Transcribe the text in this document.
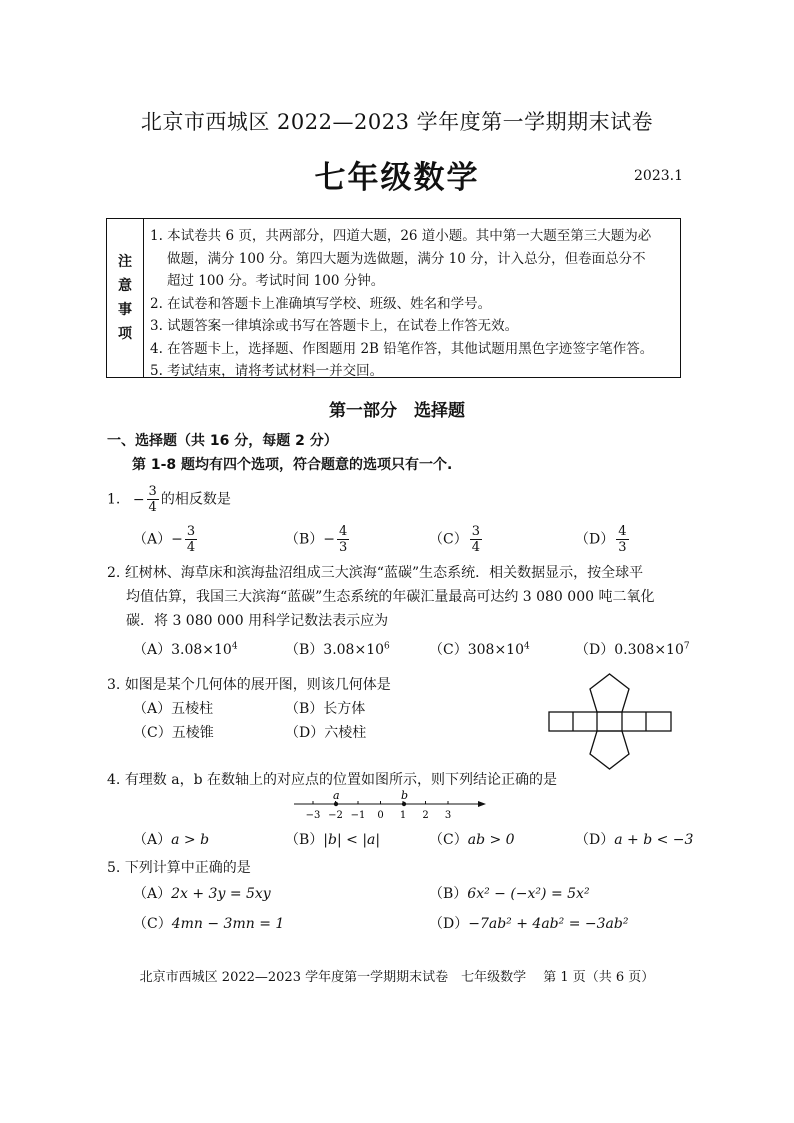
北京市西城区 2022—2023 学年度第一学期期末试卷
七年级数学	2023.1
注
意
事
项
1. 本试卷共 6 页，共两部分，四道大题，26 道小题。其中第一大题至第三大题为必
做题，满分 100 分。第四大题为选做题，满分 10 分，计入总分，但卷面总分不
超过 100 分。考试时间 100 分钟。
2. 在试卷和答题卡上准确填写学校、班级、姓名和学号。
3. 试题答案一律填涂或书写在答题卡上，在试卷上作答无效。
4. 在答题卡上，选择题、作图题用 2B 铅笔作答，其他试题用黑色字迹签字笔作答。
5. 考试结束，请将考试材料一并交回。
第一部分　选择题
一、选择题（共 16 分，每题 2 分）
第 1-8 题均有四个选项，符合题意的选项只有一个.
1. − $\frac{3}{4}$ 的相反数是
$(A)- \frac{3}{4}$	$(B)- \frac{4}{3}$	$(C) \frac{3}{4}$	$(D) \frac{4}{3}$
2. 红树林、海草床和滨海盐沼组成三大滨海“蓝碳”生态系统．相关数据显示，按全球平
均值估算，我国三大滨海“蓝碳”生态系统的年碳汇量最高可达约 3 080 000 吨二氧化
碳．将 3 080 000 用科学记数法表示应为
$(A)3.08\times 10^4$	$(B)3.08\times 10^6$	$(C)308\times 10^4$	$(D)0.308\times 10^7$
3. 如图是某个几何体的展开图，则该几何体是
（A）五棱柱	（B）长方体
（C）五棱锥	（D）六棱柱
4. 有理数 a，b 在数轴上的对应点的位置如图所示，则下列结论正确的是
−3 −2 −1 0 1 2 3
a	b
（A）a > b	（B）|b| < |a|	（C）ab > 0	（D）a + b < −3
5. 下列计算中正确的是
（A）2x + 3y = 5xy	（B）6x² − (−x²) = 5x²
（C）4mn − 3mn = 1	（D）−7ab² + 4ab² = −3ab²
北京市西城区 2022—2023 学年度第一学期期末试卷　七年级数学　 第 1 页（共 6 页）
